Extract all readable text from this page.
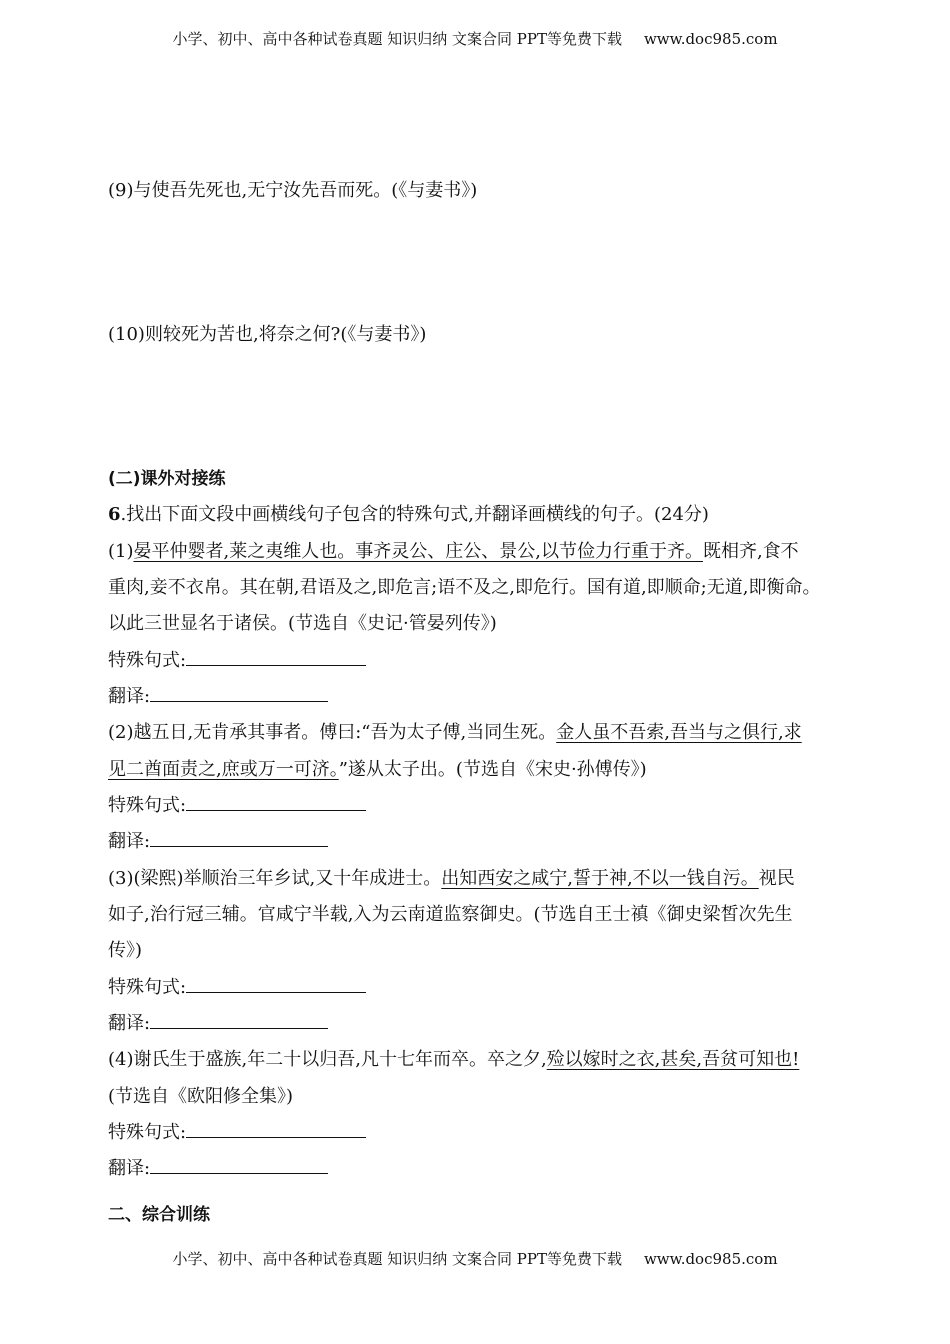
小学、初中、高中各种试卷真题 知识归纳 文案合同 PPT等免费下载 www.doc985.com
(9)与使吾先死也,无宁汝先吾而死。(《与妻书》)
(10)则较死为苦也,将奈之何?(《与妻书》)
(二)课外对接练
6.找出下面文段中画横线句子包含的特殊句式,并翻译画横线的句子。(24分)
(1)晏平仲婴者,莱之夷维人也。事齐灵公、庄公、景公,以节俭力行重于齐。既相齐,食不
重肉,妾不衣帛。其在朝,君语及之,即危言;语不及之,即危行。国有道,即顺命;无道,即衡命。
以此三世显名于诸侯。(节选自《史记·管晏列传》)
特殊句式:
翻译:
(2)越五日,无肯承其事者。傅曰:“吾为太子傅,当同生死。金人虽不吾索,吾当与之俱行,求
见二酋面责之,庶或万一可济。”遂从太子出。(节选自《宋史·孙傅传》)
特殊句式:
翻译:
(3)(梁熙)举顺治三年乡试,又十年成进士。出知西安之咸宁,誓于神,不以一钱自污。视民
如子,治行冠三辅。官咸宁半载,入为云南道监察御史。(节选自王士禛《御史梁皙次先生
传》)
特殊句式:
翻译:
(4)谢氏生于盛族,年二十以归吾,凡十七年而卒。卒之夕,殓以嫁时之衣,甚矣,吾贫可知也!
(节选自《欧阳修全集》)
特殊句式:
翻译:
二、综合训练
小学、初中、高中各种试卷真题 知识归纳 文案合同 PPT等免费下载 www.doc985.com
